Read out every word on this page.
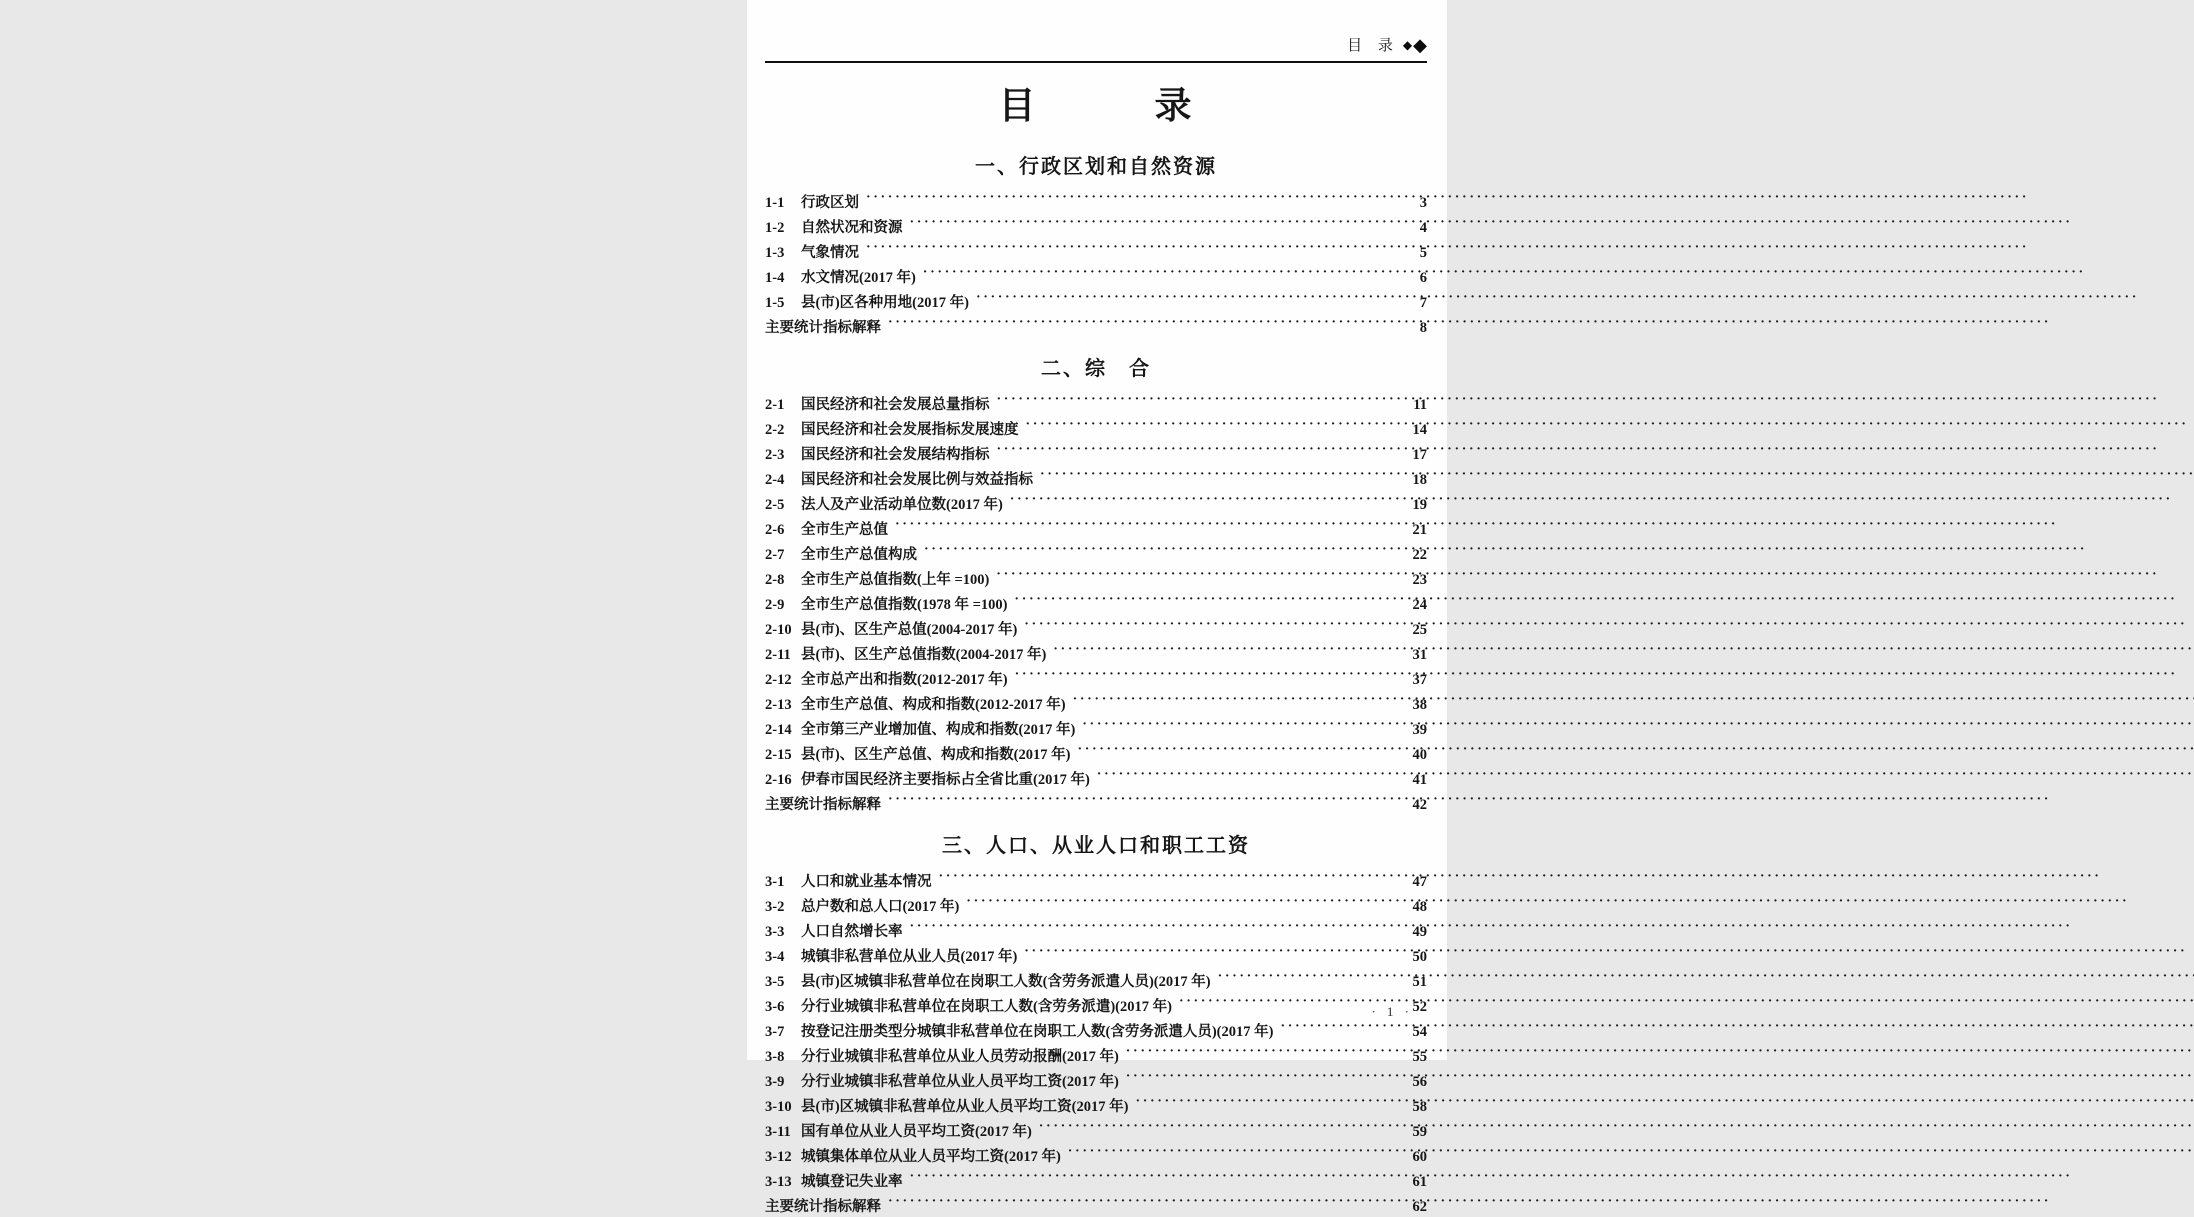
目 录 ◆ ◆
目　　　录
一、行政区划和自然资源
1-1	行政区划 ·····	3
1-2	自然状况和资源 ·····	4
1-3	气象情况 ·····	5
1-4	水文情况(2017 年) ·····	6
1-5	县(市)区各种用地(2017 年) ·····	7
主要统计指标解释 ·····	8
二、综　合
2-1	国民经济和社会发展总量指标 ·····	11
2-2	国民经济和社会发展指标发展速度 ·····	14
2-3	国民经济和社会发展结构指标 ·····	17
2-4	国民经济和社会发展比例与效益指标 ·····	18
2-5	法人及产业活动单位数(2017 年) ·····	19
2-6	全市生产总值 ·····	21
2-7	全市生产总值构成 ·····	22
2-8	全市生产总值指数(上年 =100) ·····	23
2-9	全市生产总值指数(1978 年 =100) ·····	24
2-10 县(市)、区生产总值(2004-2017 年) ·····	25
2-11 县(市)、区生产总值指数(2004-2017 年) ·····	31
2-12 全市总产出和指数(2012-2017 年) ·····	37
2-13 全市生产总值、构成和指数(2012-2017 年) ·····	38
2-14 全市第三产业增加值、构成和指数(2017 年) ·····	39
2-15 县(市)、区生产总值、构成和指数(2017 年) ·····	40
2-16 伊春市国民经济主要指标占全省比重(2017 年) ·····	41
主要统计指标解释 ·····	42
三、人口、从业人口和职工工资
3-1	人口和就业基本情况 ·····	47
3-2	总户数和总人口(2017 年) ·····	48
3-3	人口自然增长率 ·····	49
3-4	城镇非私营单位从业人员(2017 年) ·····	50
3-5	县(市)区城镇非私营单位在岗职工人数(含劳务派遣人员)(2017 年) ·····	51
3-6	分行业城镇非私营单位在岗职工人数(含劳务派遣)(2017 年) ·····	52
3-7	按登记注册类型分城镇非私营单位在岗职工人数(含劳务派遣人员)(2017 年) ·····	54
3-8	分行业城镇非私营单位从业人员劳动报酬(2017 年) ·····	55
3-9	分行业城镇非私营单位从业人员平均工资(2017 年) ·····	56
3-10 县(市)区城镇非私营单位从业人员平均工资(2017 年) ·····	58
3-11 国有单位从业人员平均工资(2017 年) ·····	59
3-12 城镇集体单位从业人员平均工资(2017 年) ·····	60
3-13 城镇登记失业率 ·····	61
主要统计指标解释 ·····	62
· 1 ·
